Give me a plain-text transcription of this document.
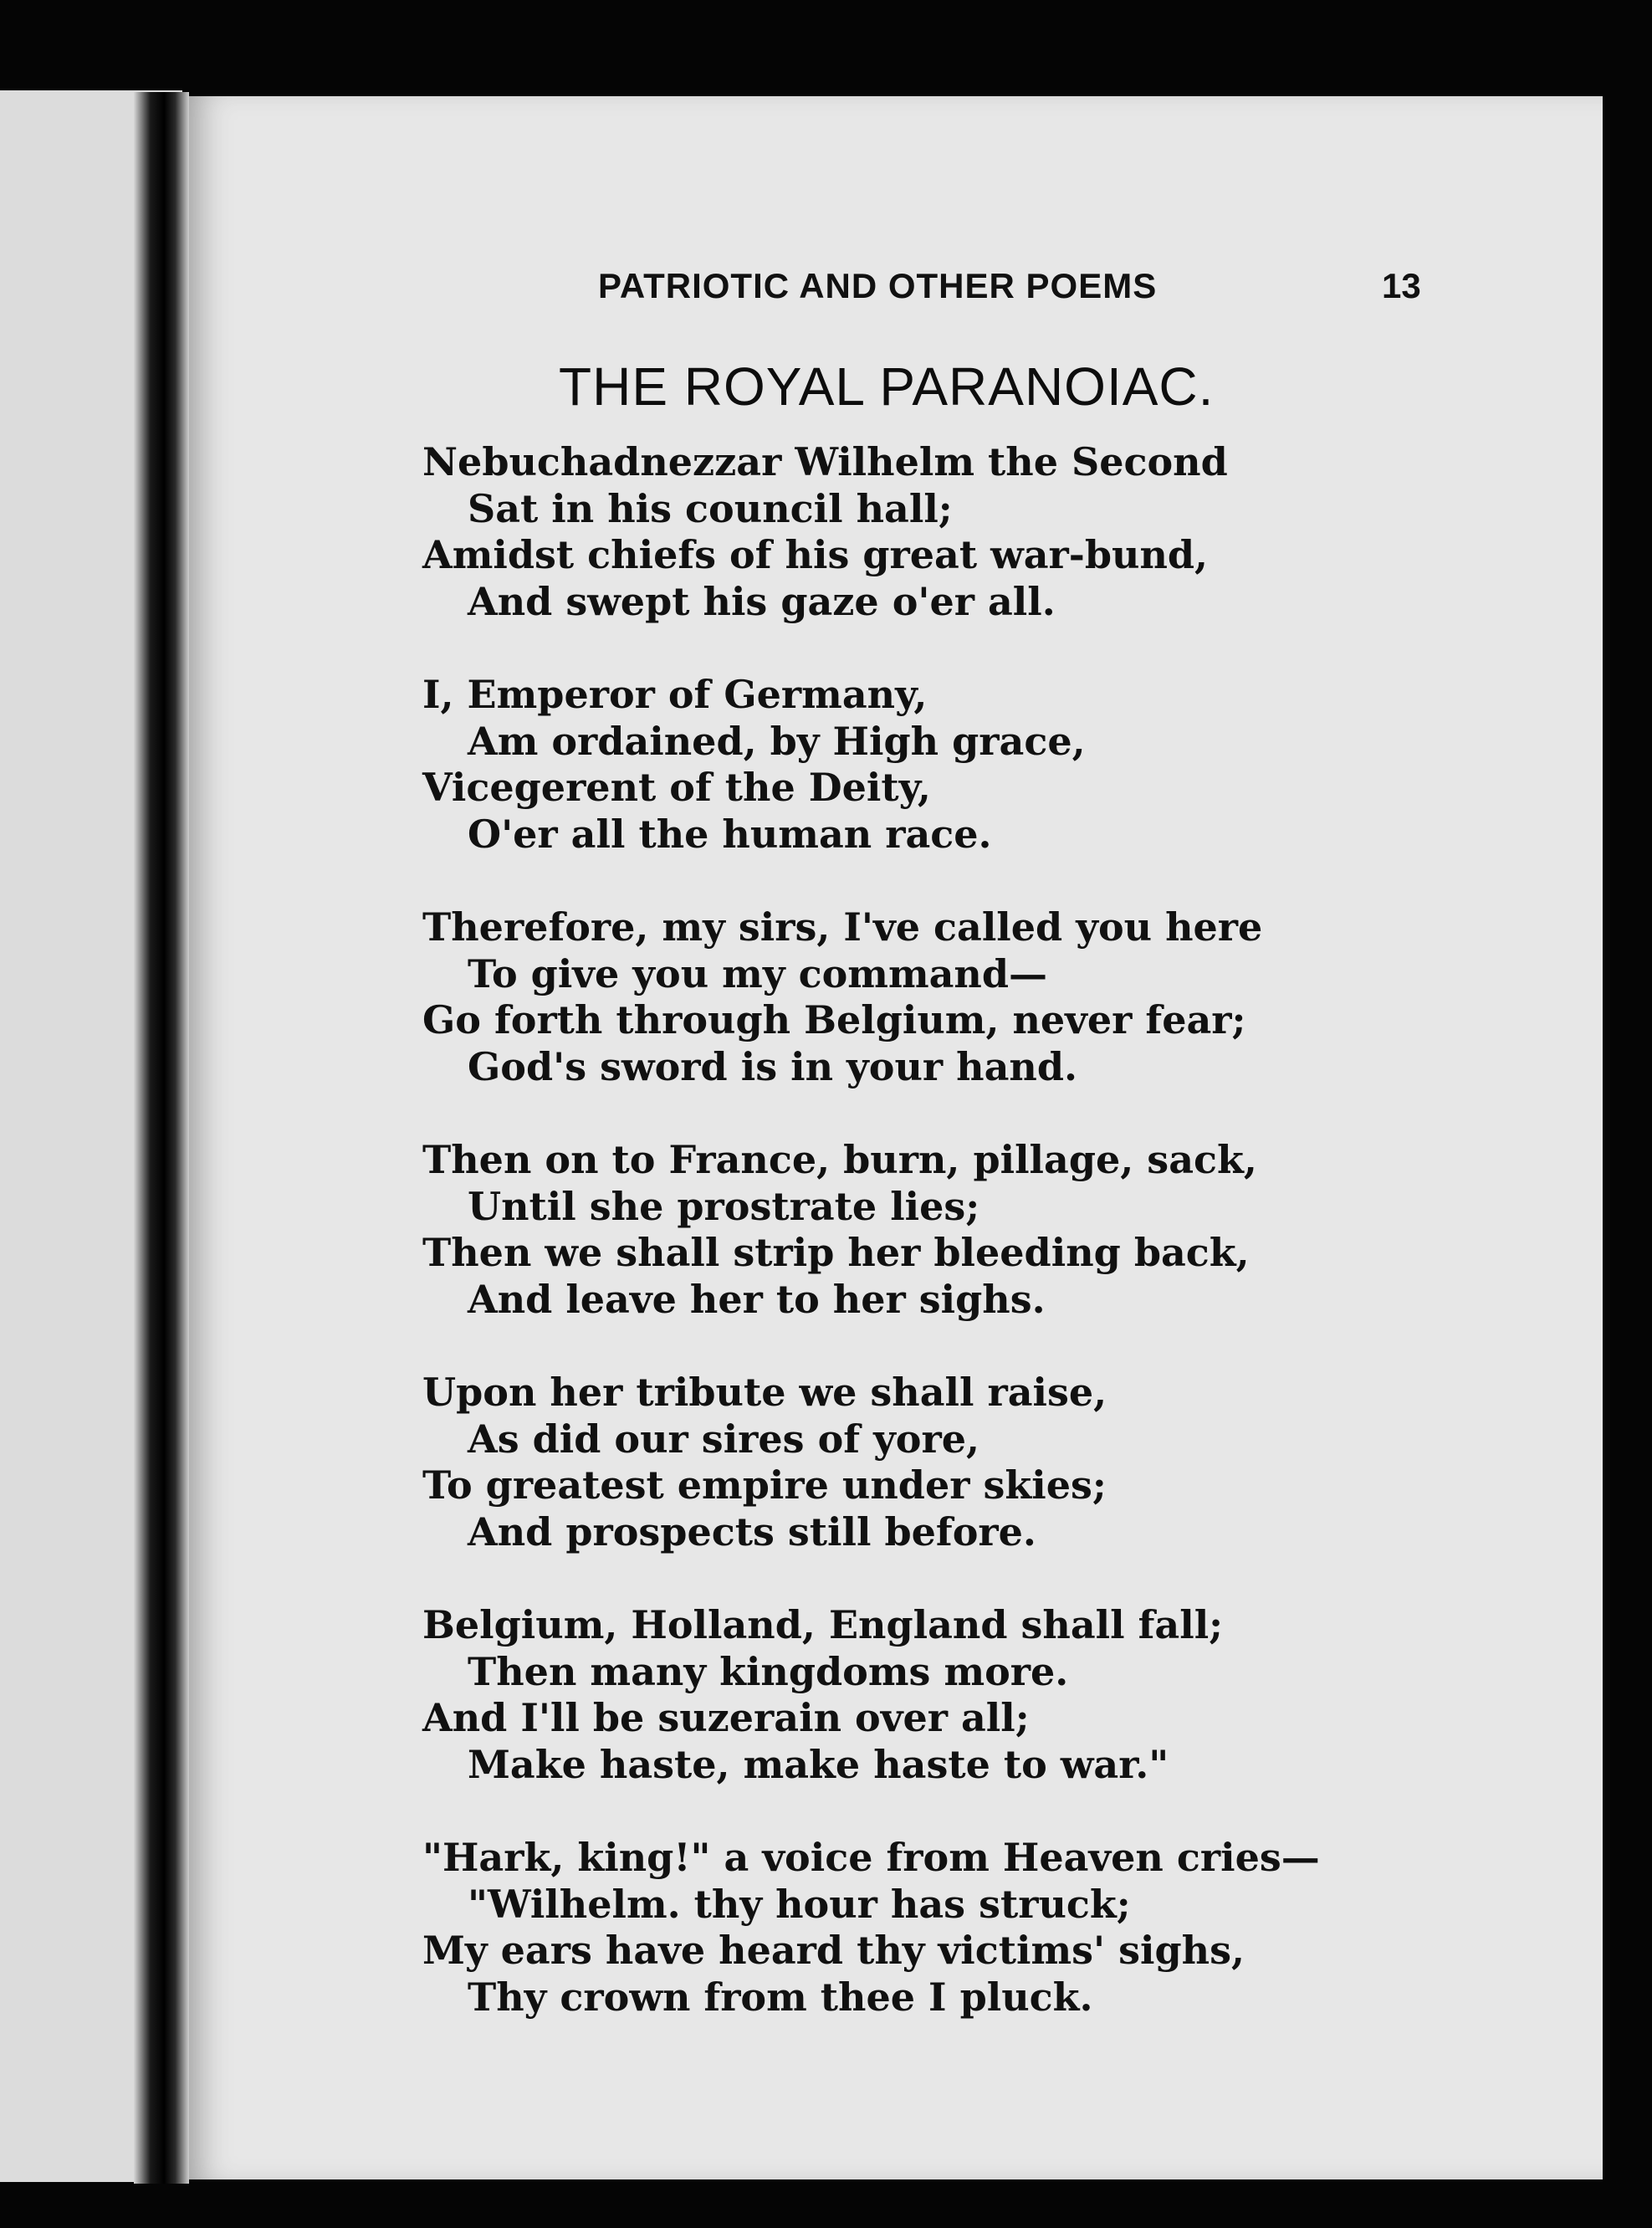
PATRIOTIC AND OTHER POEMS	13
THE ROYAL PARANOIAC.
Nebuchadnezzar Wilhelm the Second
Sat in his council hall;
Amidst chiefs of his great war-bund,
And swept his gaze o'er all.
I, Emperor of Germany,
Am ordained, by High grace,
Vicegerent of the Deity,
O'er all the human race.
Therefore, my sirs, I've called you here
To give you my command—
Go forth through Belgium, never fear;
God's sword is in your hand.
Then on to France, burn, pillage, sack,
Until she prostrate lies;
Then we shall strip her bleeding back,
And leave her to her sighs.
Upon her tribute we shall raise,
As did our sires of yore,
To greatest empire under skies;
And prospects still before.
Belgium, Holland, England shall fall;
Then many kingdoms more.
And I'll be suzerain over all;
Make haste, make haste to war."
"Hark, king!" a voice from Heaven cries—
"Wilhelm. thy hour has struck;
My ears have heard thy victims' sighs,
Thy crown from thee I pluck.
